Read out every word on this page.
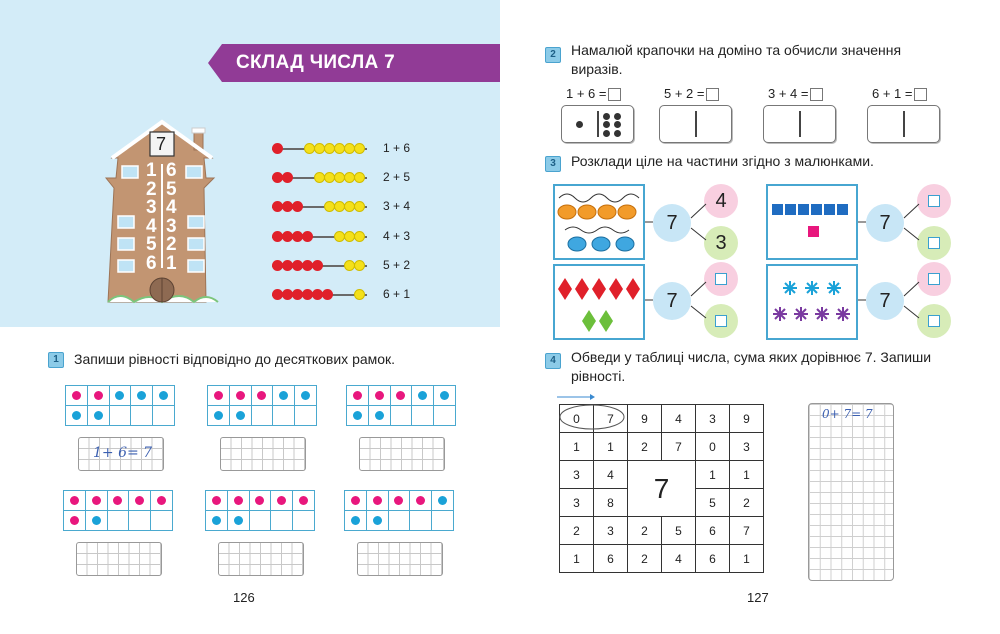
СКЛАД ЧИСЛА 7
7
1 6
2 5
3 4
4 3
5 2
6 1
1 + 6
2 + 5
3 + 4
4 + 3
5 + 2
6 + 1
1	Запиши рівності відповідно до десяткових рамок.

1+ 6= 7

126
2	Намалюй крапочки на доміно та обчисли значення
виразів.
1 + 6 =	5 + 2 =	3 + 4 =	6 + 1 =
3	Розклади ціле на частини згідно з малюнками.
7
4
3
7
7	7
4	Обведи у таблиці числа, сума яких дорівнює 7. Запиши
рівності.
0	7	9	4	3	9
1	1	2	7	0	3
3	4	7		1	1
3	8			5	2
2	3	2	5	6	7
1	6	2	4	6	1
0+ 7= 7
127
